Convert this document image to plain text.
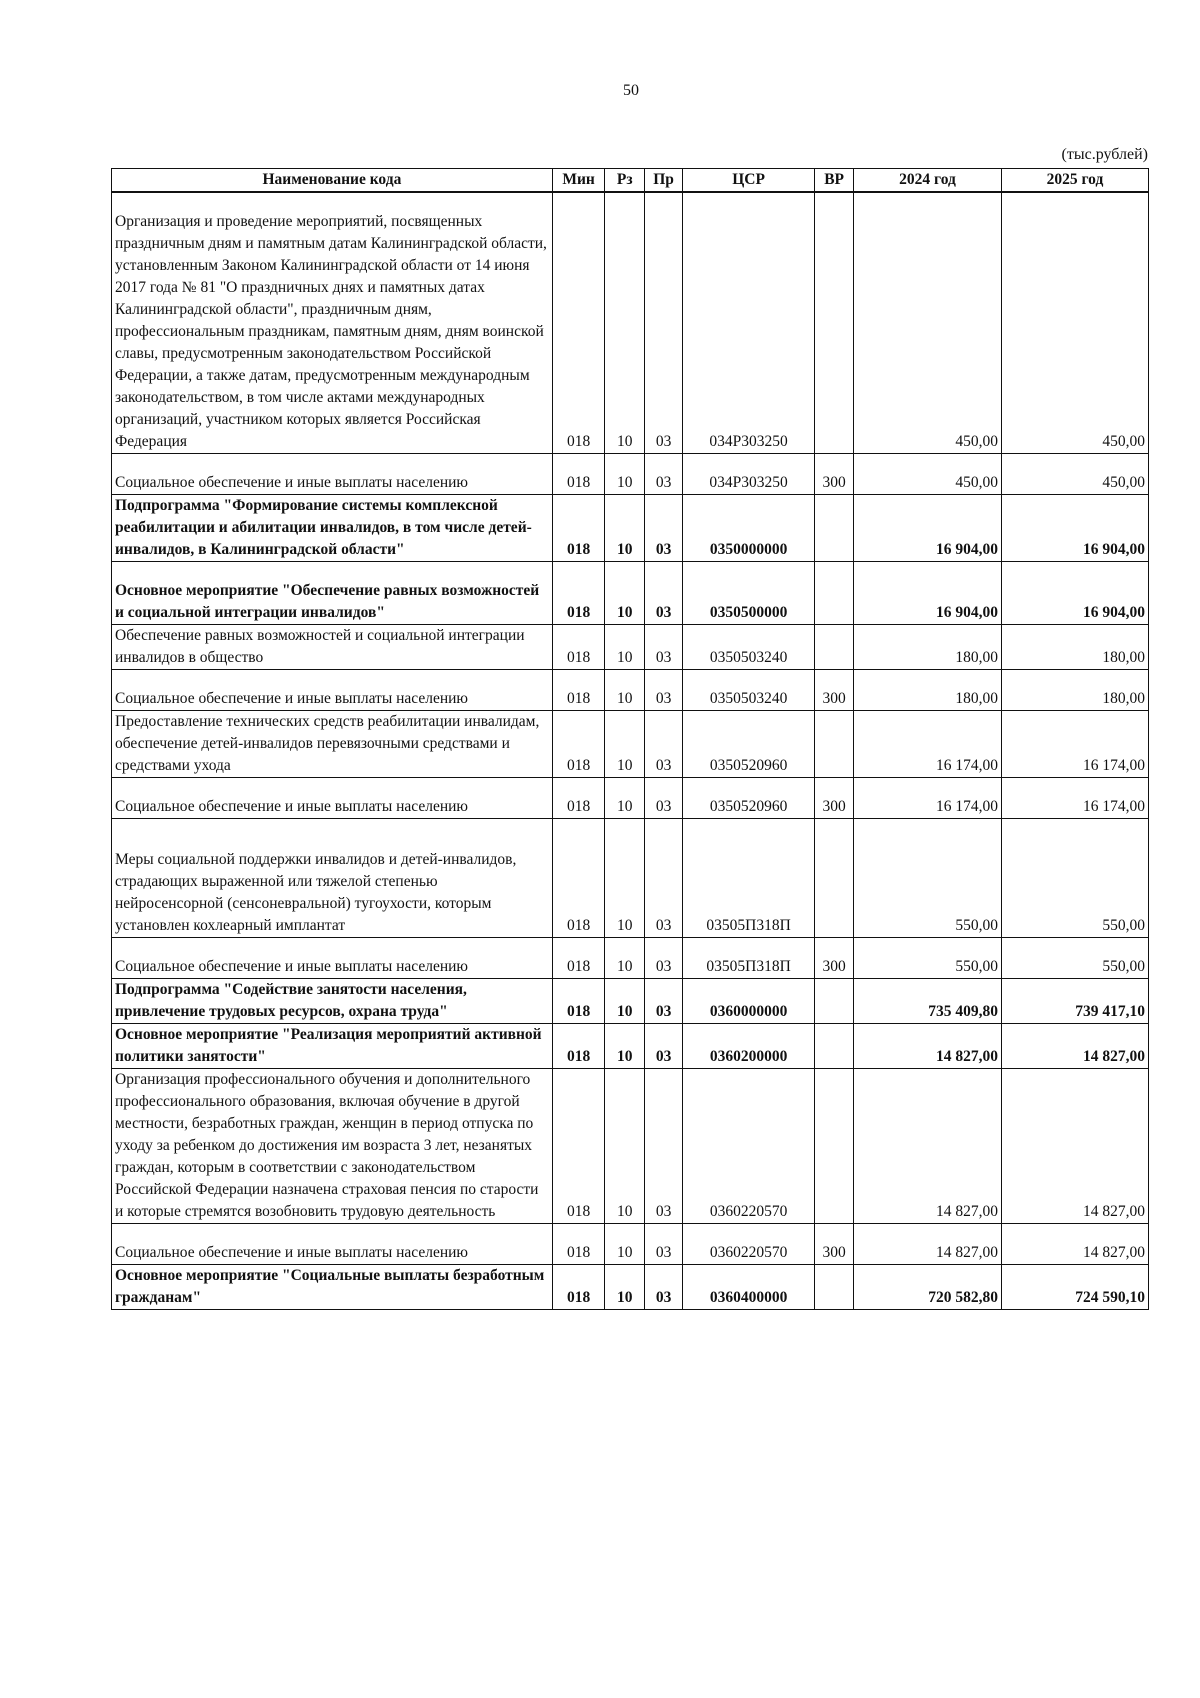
50
(тыс.рублей)
Наименование кода	Мин	Рз	Пр	ЦСР	ВР	2024 год	2025 год
Организация и проведение мероприятий, посвященных праздничным дням и памятным датам Калининградской области, установленным Законом Калининградской области от 14 июня 2017 года № 81 "О праздничных днях и памятных датах Калининградской области", праздничным дням, профессиональным праздникам, памятным дням, дням воинской славы, предусмотренным законодательством Российской Федерации, а также датам, предусмотренным международным законодательством, в том числе актами международных организаций, участником которых является Российская Федерация	018	10	03	034Р303250		450,00	450,00
Социальное обеспечение и иные выплаты населению	018	10	03	034Р303250	300	450,00	450,00
Подпрограмма "Формирование системы комплексной реабилитации и абилитации инвалидов, в том числе детей-инвалидов, в Калининградской области"	018	10	03	0350000000		16 904,00	16 904,00
Основное мероприятие "Обеспечение равных возможностей и социальной интеграции инвалидов"	018	10	03	0350500000		16 904,00	16 904,00
Обеспечение равных возможностей и социальной интеграции инвалидов в общество	018	10	03	0350503240		180,00	180,00
Социальное обеспечение и иные выплаты населению	018	10	03	0350503240	300	180,00	180,00
Предоставление технических средств реабилитации инвалидам, обеспечение детей-инвалидов перевязочными средствами и средствами ухода	018	10	03	0350520960		16 174,00	16 174,00
Социальное обеспечение и иные выплаты населению	018	10	03	0350520960	300	16 174,00	16 174,00
Меры социальной поддержки инвалидов и детей-инвалидов, страдающих выраженной или тяжелой степенью нейросенсорной (сенсоневральной) тугоухости, которым установлен кохлеарный имплантат	018	10	03	03505П318П		550,00	550,00
Социальное обеспечение и иные выплаты населению	018	10	03	03505П318П	300	550,00	550,00
Подпрограмма "Содействие занятости населения, привлечение трудовых ресурсов, охрана труда"	018	10	03	0360000000		735 409,80	739 417,10
Основное мероприятие "Реализация мероприятий активной политики занятости"	018	10	03	0360200000		14 827,00	14 827,00
Организация профессионального обучения и дополнительного профессионального образования, включая обучение в другой местности, безработных граждан, женщин в период отпуска по уходу за ребенком до достижения им возраста 3 лет, незанятых граждан, которым в соответствии с законодательством Российской Федерации назначена страховая пенсия по старости и которые стремятся возобновить трудовую деятельность	018	10	03	0360220570		14 827,00	14 827,00
Социальное обеспечение и иные выплаты населению	018	10	03	0360220570	300	14 827,00	14 827,00
Основное мероприятие "Социальные выплаты безработным гражданам"	018	10	03	0360400000		720 582,80	724 590,10
